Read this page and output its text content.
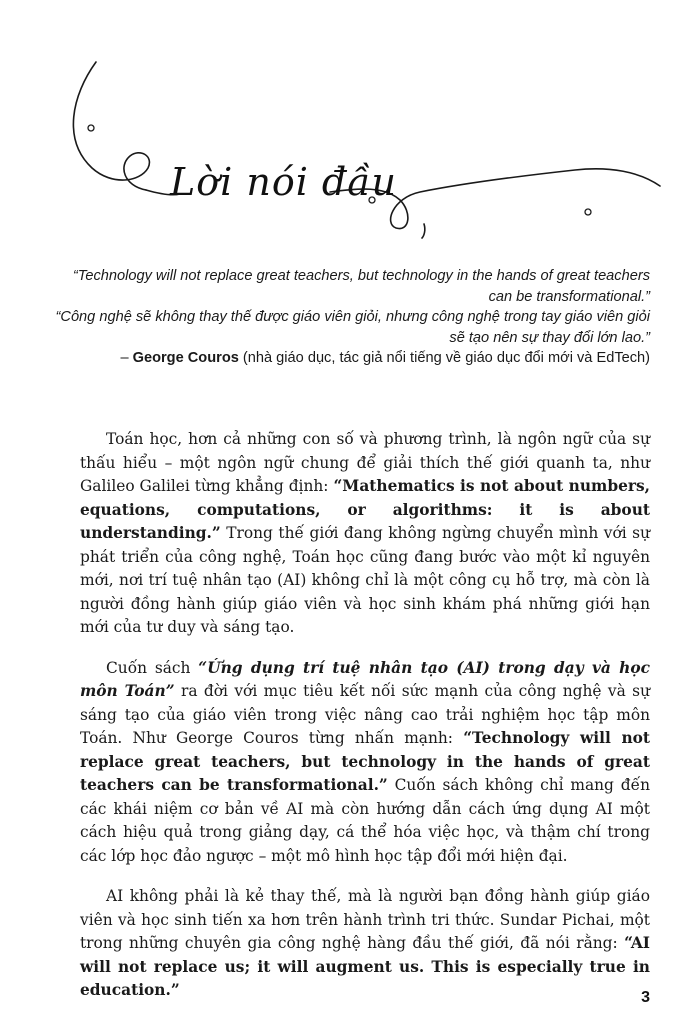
Lời nói đầu

“Technology will not replace great teachers, but technology in the hands of great teachers can be transformational.”

“Công nghệ sẽ không thay thế được giáo viên giỏi, nhưng công nghệ trong tay giáo viên giỏi sẽ tạo nên sự thay đổi lớn lao.”

– George Couros (nhà giáo dục, tác giả nổi tiếng về giáo dục đổi mới và EdTech)

Toán học, hơn cả những con số và phương trình, là ngôn ngữ của sự thấu hiểu – một ngôn ngữ chung để giải thích thế giới quanh ta, như Galileo Galilei từng khẳng định: “Mathematics is not about numbers, equations, computations, or algorithms: it is about understanding.” Trong thế giới đang không ngừng chuyển mình với sự phát triển của công nghệ, Toán học cũng đang bước vào một kỉ nguyên mới, nơi trí tuệ nhân tạo (AI) không chỉ là một công cụ hỗ trợ, mà còn là người đồng hành giúp giáo viên và học sinh khám phá những giới hạn mới của tư duy và sáng tạo.

Cuốn sách “Ứng dụng trí tuệ nhân tạo (AI) trong dạy và học môn Toán” ra đời với mục tiêu kết nối sức mạnh của công nghệ và sự sáng tạo của giáo viên trong việc nâng cao trải nghiệm học tập môn Toán. Như George Couros từng nhấn mạnh: “Technology will not replace great teachers, but technology in the hands of great teachers can be transformational.” Cuốn sách không chỉ mang đến các khái niệm cơ bản về AI mà còn hướng dẫn cách ứng dụng AI một cách hiệu quả trong giảng dạy, cá thể hóa việc học, và thậm chí trong các lớp học đảo ngược – một mô hình học tập đổi mới hiện đại.

AI không phải là kẻ thay thế, mà là người bạn đồng hành giúp giáo viên và học sinh tiến xa hơn trên hành trình tri thức. Sundar Pichai, một trong những chuyên gia công nghệ hàng đầu thế giới, đã nói rằng: “AI will not replace us; it will augment us. This is especially true in education.”	3
